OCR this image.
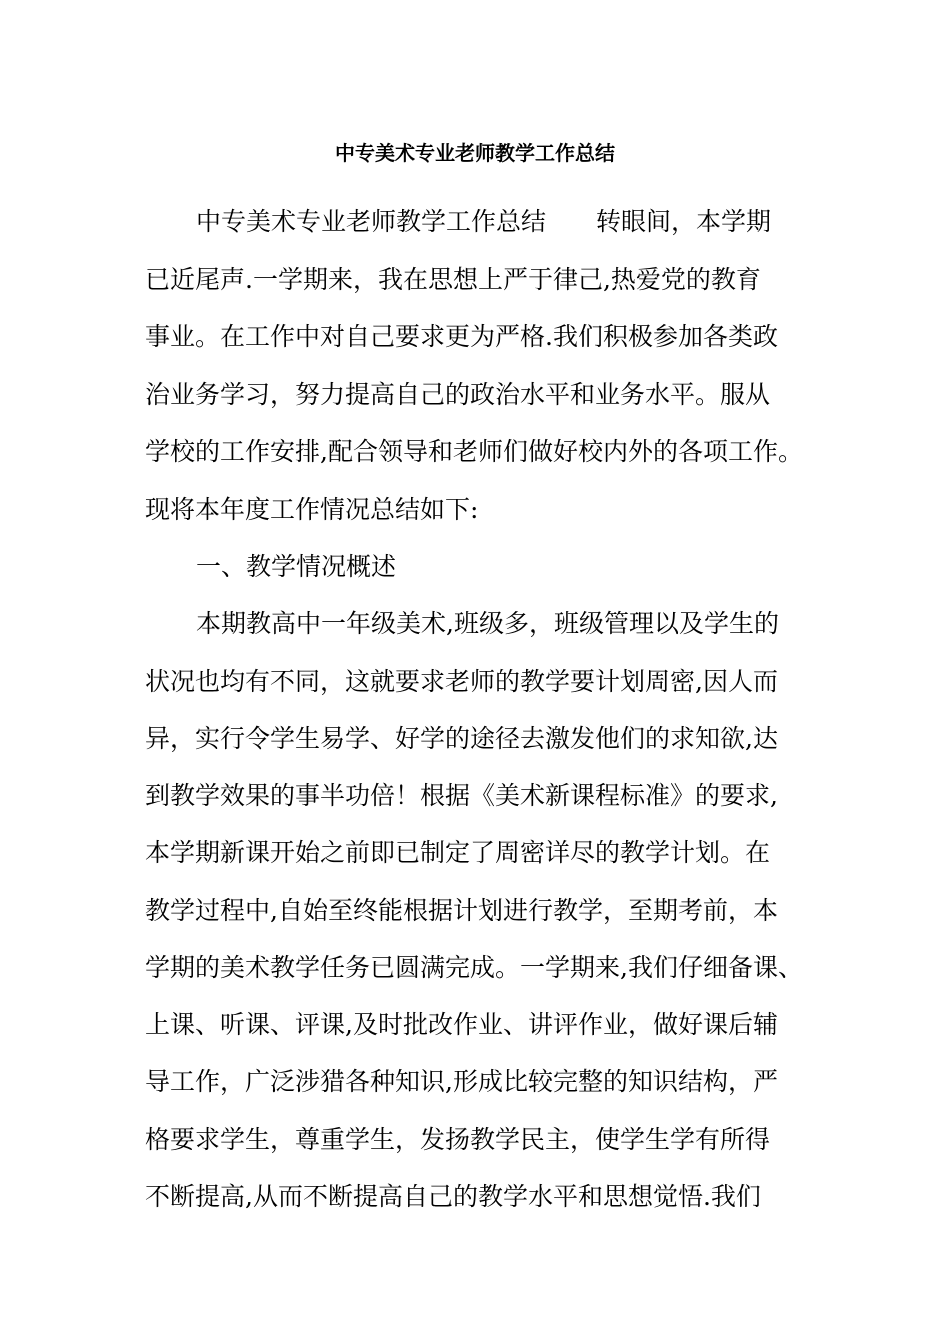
中专美术专业老师教学工作总结

中专美术专业老师教学工作总结　　转眼间，本学期

已近尾声.一学期来，我在思想上严于律己,热爱党的教育

事业。在工作中对自己要求更为严格.我们积极参加各类政

治业务学习，努力提高自己的政治水平和业务水平。服从

学校的工作安排,配合领导和老师们做好校内外的各项工作。

现将本年度工作情况总结如下:

一、教学情况概述

本期教高中一年级美术,班级多，班级管理以及学生的

状况也均有不同，这就要求老师的教学要计划周密,因人而

异，实行令学生易学、好学的途径去激发他们的求知欲,达

到教学效果的事半功倍！根据《美术新课程标准》的要求,

本学期新课开始之前即已制定了周密详尽的教学计划。在

教学过程中,自始至终能根据计划进行教学，至期考前，本

学期的美术教学任务已圆满完成。一学期来,我们仔细备课、

上课、听课、评课,及时批改作业、讲评作业，做好课后辅

导工作，广泛涉猎各种知识,形成比较完整的知识结构，严

格要求学生，尊重学生，发扬教学民主，使学生学有所得

不断提高,从而不断提高自己的教学水平和思想觉悟.我们
